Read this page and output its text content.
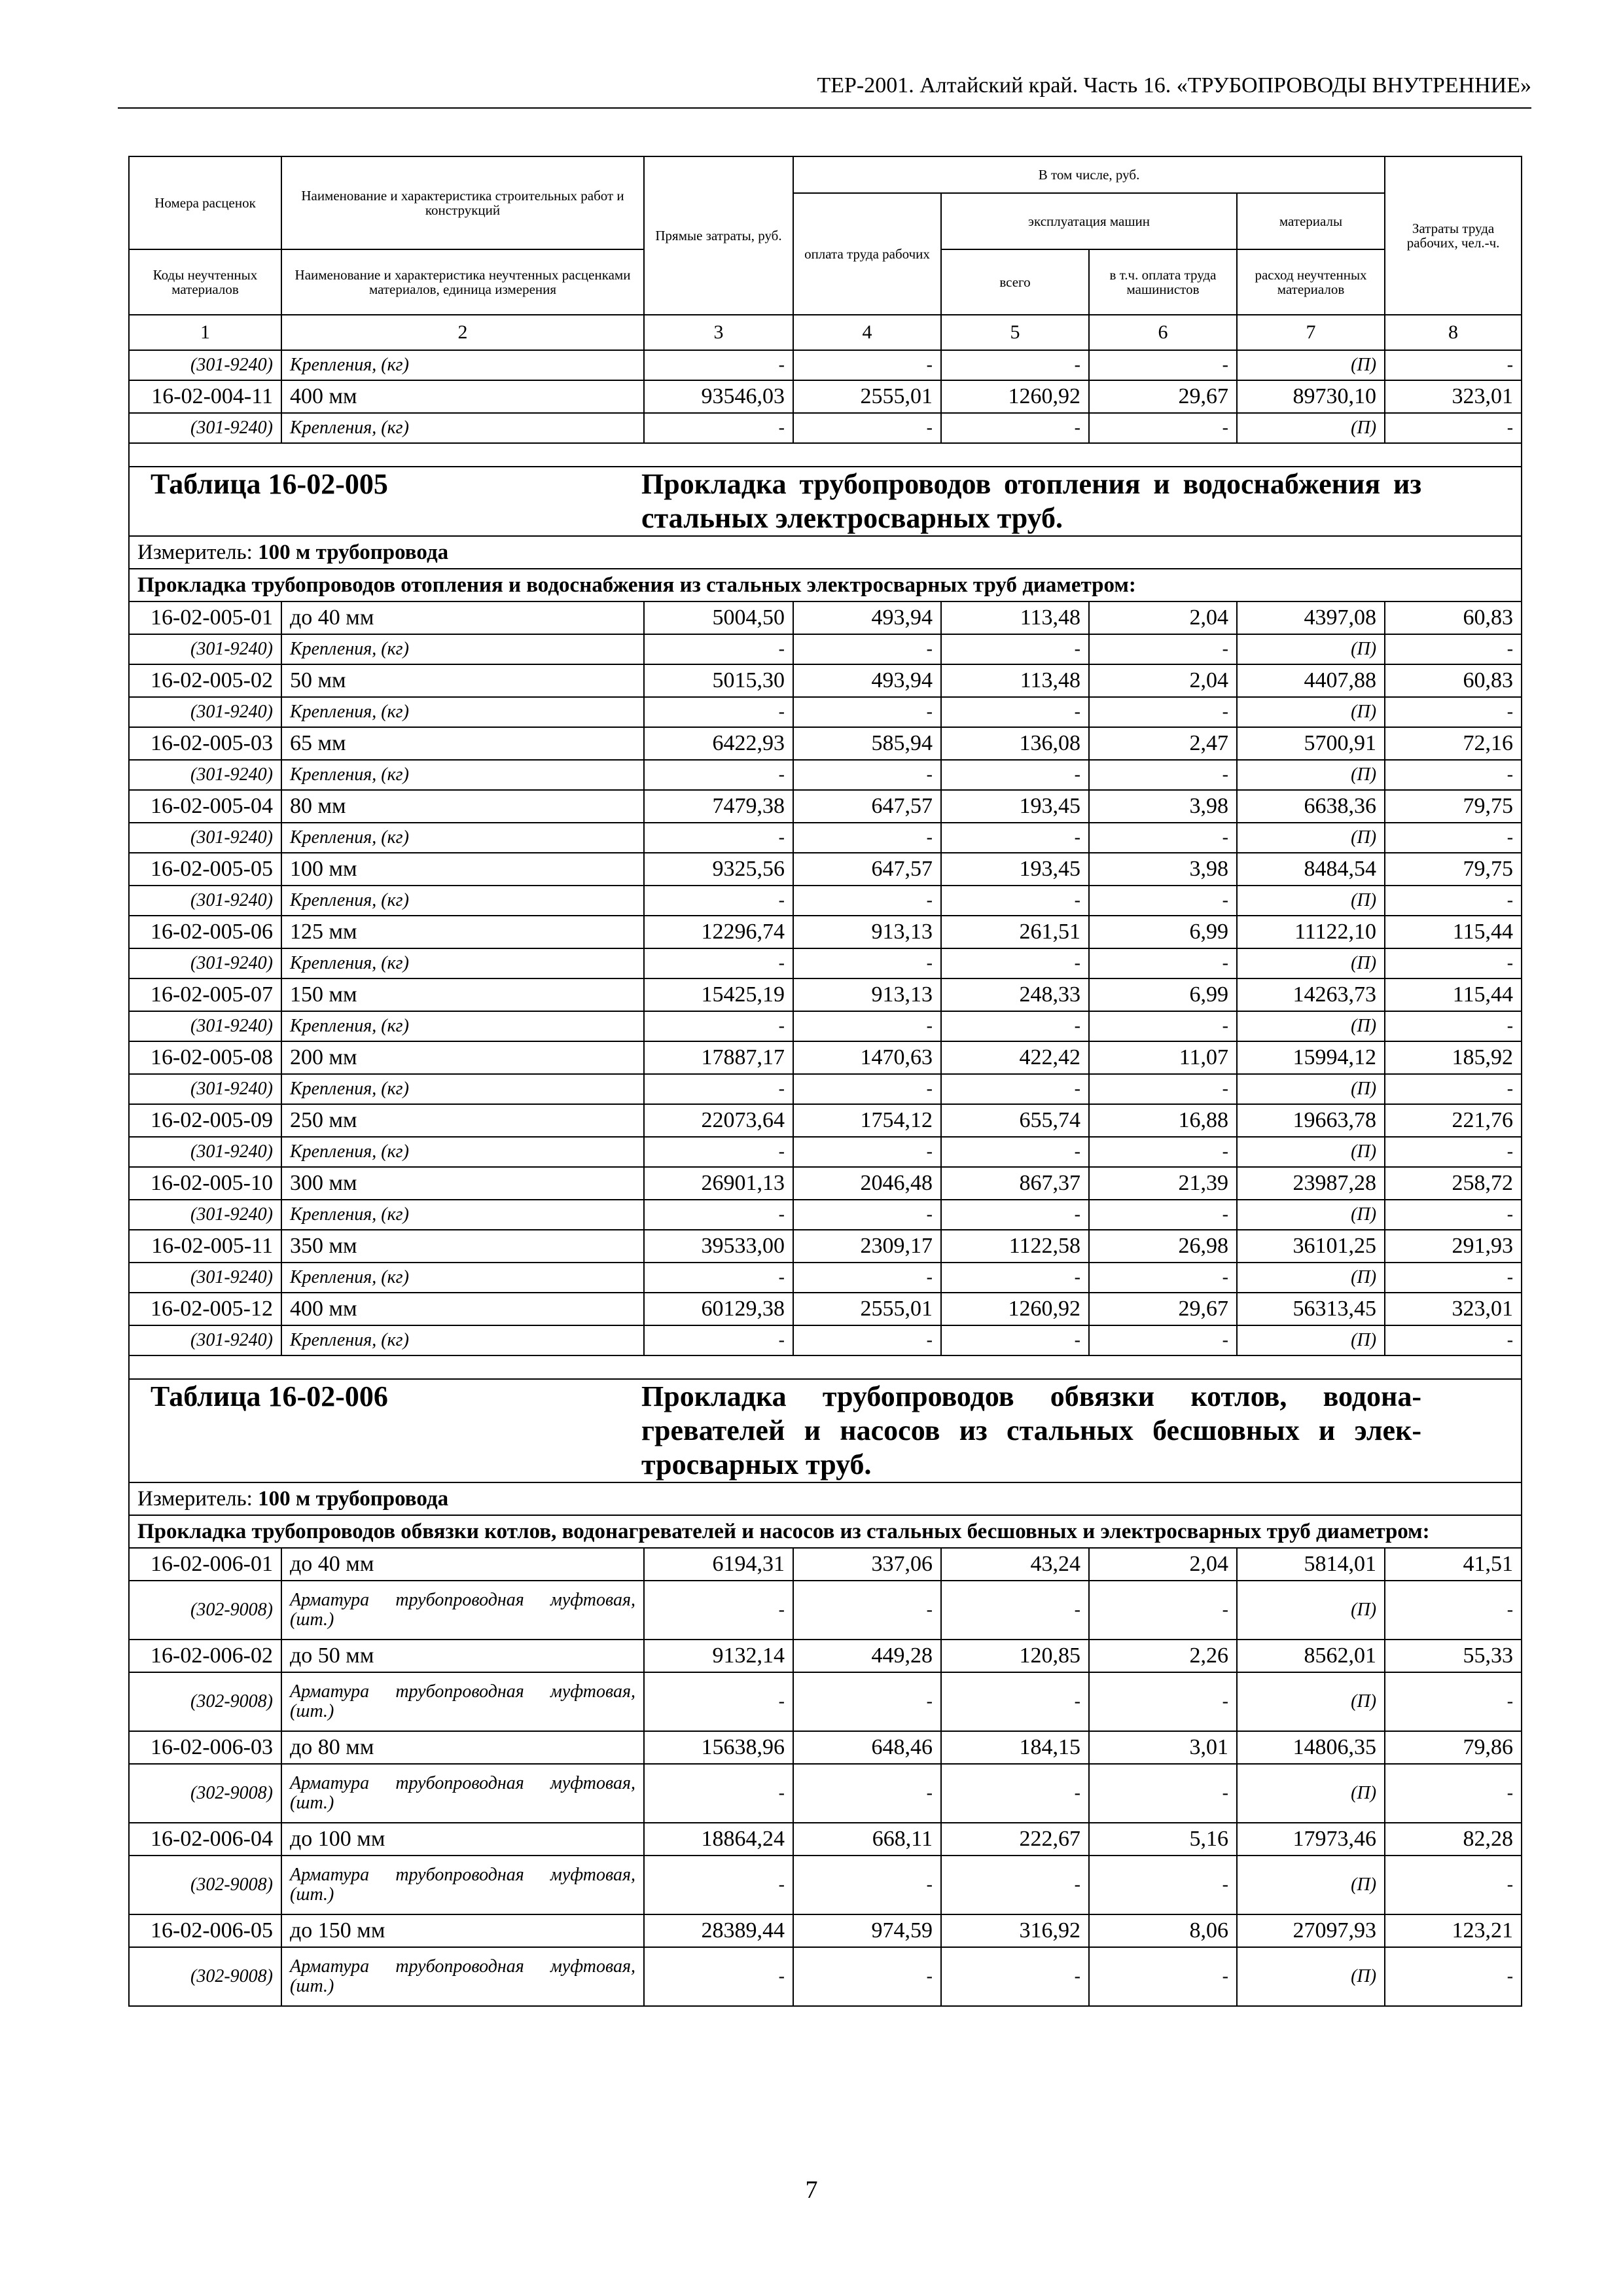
ТЕР-2001. Алтайский край. Часть 16. «ТРУБОПРОВОДЫ ВНУТРЕННИЕ»
Номера расценок	Наименование и характеристика строительных работ и конструкций	Прямые затраты, руб.	В том числе, руб.				Затраты труда рабочих, чел.-ч.
			оплата труда рабочих	эксплуатация машин		материалы	
Коды неучтенных материалов	Наименование и характеристика неучтенных расценками материалов, единица измерения			всего	в т.ч. оплата труда машинистов	расход неучтенных материалов	
1	2	3	4	5	6	7	8
(301-9240)	Крепления, (кг)	-	-	-	-	(П)	-
16-02-004-11	400 мм	93546,03	2555,01	1260,92	29,67	89730,10	323,01
(301-9240)	Крепления, (кг)	-	-	-	-	(П)	-

Таблица 16-02-005 Прокладка трубопроводов отопления и водоснабжения из стальных электросварных труб.							

Измеритель: 100 м трубопровода							
Прокладка трубопроводов отопления и водоснабжения из стальных электросварных труб диаметром:							
16-02-005-01	до 40 мм	5004,50	493,94	113,48	2,04	4397,08	60,83
(301-9240)	Крепления, (кг)	-	-	-	-	(П)	-
16-02-005-02	50 мм	5015,30	493,94	113,48	2,04	4407,88	60,83
(301-9240)	Крепления, (кг)	-	-	-	-	(П)	-
16-02-005-03	65 мм	6422,93	585,94	136,08	2,47	5700,91	72,16
(301-9240)	Крепления, (кг)	-	-	-	-	(П)	-
16-02-005-04	80 мм	7479,38	647,57	193,45	3,98	6638,36	79,75
(301-9240)	Крепления, (кг)	-	-	-	-	(П)	-
16-02-005-05	100 мм	9325,56	647,57	193,45	3,98	8484,54	79,75
(301-9240)	Крепления, (кг)	-	-	-	-	(П)	-
16-02-005-06	125 мм	12296,74	913,13	261,51	6,99	11122,10	115,44
(301-9240)	Крепления, (кг)	-	-	-	-	(П)	-
16-02-005-07	150 мм	15425,19	913,13	248,33	6,99	14263,73	115,44
(301-9240)	Крепления, (кг)	-	-	-	-	(П)	-
16-02-005-08	200 мм	17887,17	1470,63	422,42	11,07	15994,12	185,92
(301-9240)	Крепления, (кг)	-	-	-	-	(П)	-
16-02-005-09	250 мм	22073,64	1754,12	655,74	16,88	19663,78	221,76
(301-9240)	Крепления, (кг)	-	-	-	-	(П)	-
16-02-005-10	300 мм	26901,13	2046,48	867,37	21,39	23987,28	258,72
(301-9240)	Крепления, (кг)	-	-	-	-	(П)	-
16-02-005-11	350 мм	39533,00	2309,17	1122,58	26,98	36101,25	291,93
(301-9240)	Крепления, (кг)	-	-	-	-	(П)	-
16-02-005-12	400 мм	60129,38	2555,01	1260,92	29,67	56313,45	323,01
(301-9240)	Крепления, (кг)	-	-	-	-	(П)	-

Таблица 16-02-006 Прокладка трубопроводов обвязки котлов, водонагревателей и насосов из стальных бесшовных и электросварных труб.							

Измеритель: 100 м трубопровода							
Прокладка трубопроводов обвязки котлов, водонагревателей и насосов из стальных бесшовных и электросварных труб диаметром:							
16-02-006-01	до 40 мм	6194,31	337,06	43,24	2,04	5814,01	41,51
(302-9008)	Арматура трубопроводная муфтовая, (шт.)	-	-	-	-	(П)	-
16-02-006-02	до 50 мм	9132,14	449,28	120,85	2,26	8562,01	55,33
(302-9008)	Арматура трубопроводная муфтовая, (шт.)	-	-	-	-	(П)	-
16-02-006-03	до 80 мм	15638,96	648,46	184,15	3,01	14806,35	79,86
(302-9008)	Арматура трубопроводная муфтовая, (шт.)	-	-	-	-	(П)	-
16-02-006-04	до 100 мм	18864,24	668,11	222,67	5,16	17973,46	82,28
(302-9008)	Арматура трубопроводная муфтовая, (шт.)	-	-	-	-	(П)	-
16-02-006-05	до 150 мм	28389,44	974,59	316,92	8,06	27097,93	123,21
(302-9008)	Арматура трубопроводная муфтовая, (шт.)	-	-	-	-	(П)	-
7
